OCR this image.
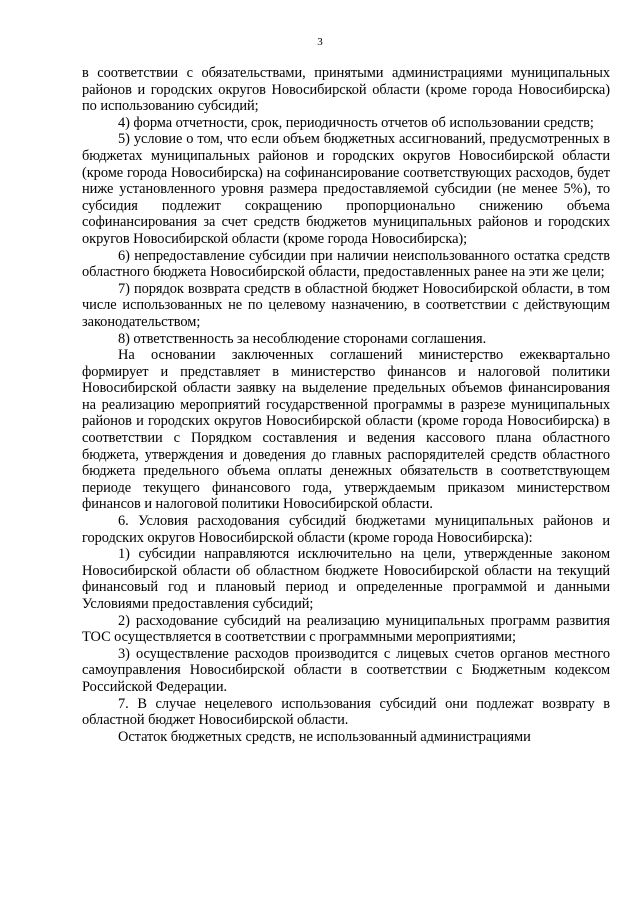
3

в соответствии с обязательствами, принятыми администрациями муниципальных районов и городских округов Новосибирской области (кроме города Новосибирска) по использованию субсидий;

4) форма отчетности, срок, периодичность отчетов об использовании средств;

5) условие о том, что если объем бюджетных ассигнований, предусмотренных в бюджетах муниципальных районов и городских округов Новосибирской области (кроме города Новосибирска) на софинансирование соответствующих расходов, будет ниже установленного уровня размера предоставляемой субсидии (не менее 5%), то субсидия подлежит сокращению пропорционально снижению объема софинансирования за счет средств бюджетов муниципальных районов и городских округов Новосибирской области (кроме города Новосибирска);

6) непредоставление субсидии при наличии неиспользованного остатка средств областного бюджета Новосибирской области, предоставленных ранее на эти же цели;

7) порядок возврата средств в областной бюджет Новосибирской области, в том числе использованных не по целевому назначению, в соответствии с действующим законодательством;

8) ответственность за несоблюдение сторонами соглашения.

На основании заключенных соглашений министерство ежеквартально формирует и представляет в министерство финансов и налоговой политики Новосибирской области заявку на выделение предельных объемов финансирования на реализацию мероприятий государственной программы в разрезе муниципальных районов и городских округов Новосибирской области (кроме города Новосибирска) в соответствии с Порядком составления и ведения кассового плана областного бюджета, утверждения и доведения до главных распорядителей средств областного бюджета предельного объема оплаты денежных обязательств в соответствующем периоде текущего финансового года, утверждаемым приказом министерством финансов и налоговой политики Новосибирской области.

6. Условия расходования субсидий бюджетами муниципальных районов и городских округов Новосибирской области (кроме города Новосибирска):

1) субсидии направляются исключительно на цели, утвержденные законом Новосибирской области об областном бюджете Новосибирской области на текущий финансовый год и плановый период и определенные программой и данными Условиями предоставления субсидий;

2) расходование субсидий на реализацию муниципальных программ развития ТОС осуществляется в соответствии с программными мероприятиями;

3) осуществление расходов производится с лицевых счетов органов местного самоуправления Новосибирской области в соответствии с Бюджетным кодексом Российской Федерации.

7. В случае нецелевого использования субсидий они подлежат возврату в областной бюджет Новосибирской области.

Остаток бюджетных средств, не использованный администрациями
